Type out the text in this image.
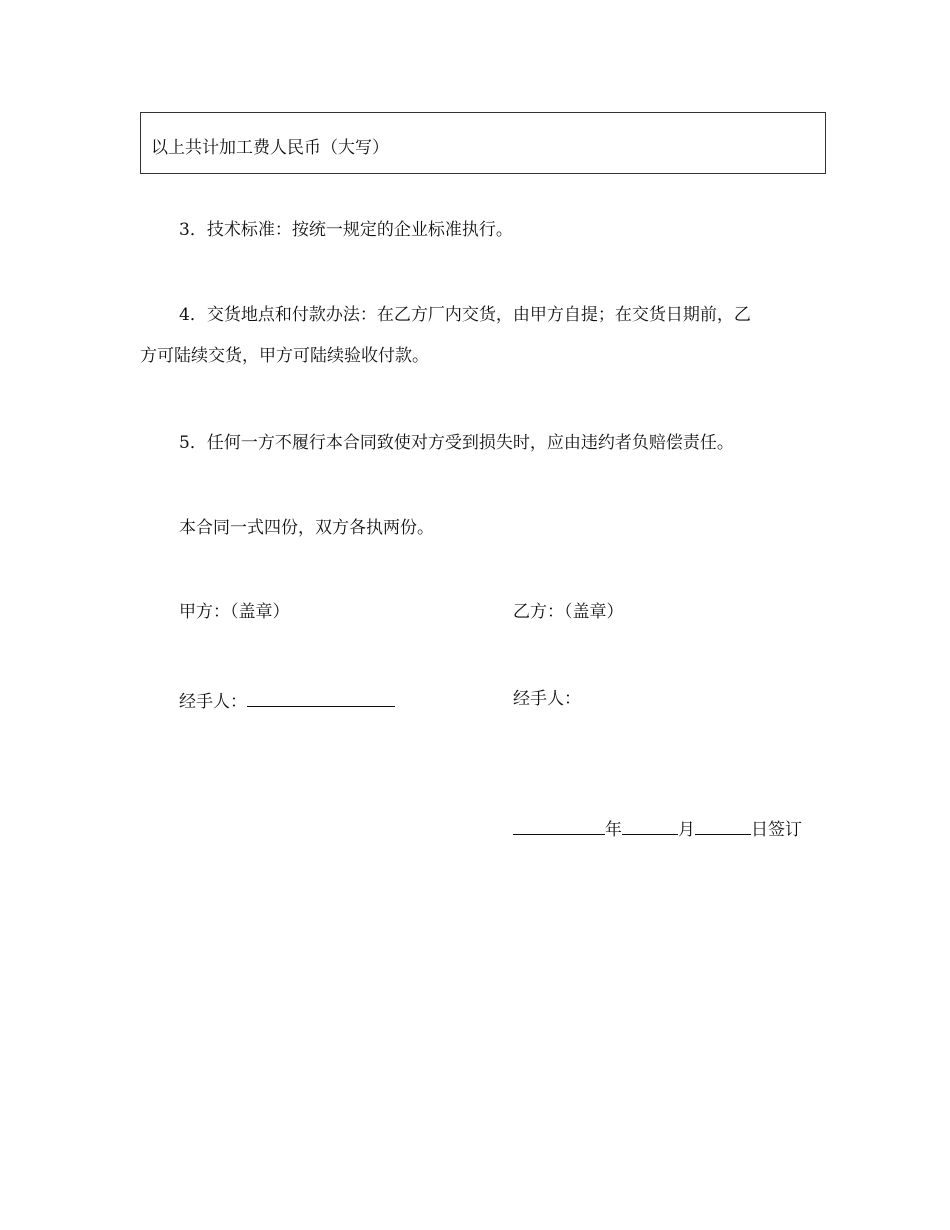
以上共计加工费人民币（大写）
3．技术标准：按统一规定的企业标准执行。
4．交货地点和付款办法：在乙方厂内交货，由甲方自提；在交货日期前，乙
方可陆续交货，甲方可陆续验收付款。
5．任何一方不履行本合同致使对方受到损失时，应由违约者负赔偿责任。
本合同一式四份，双方各执两份。
甲方：（盖章）	乙方：（盖章）
经手人：	经手人：
年	月	日签订
